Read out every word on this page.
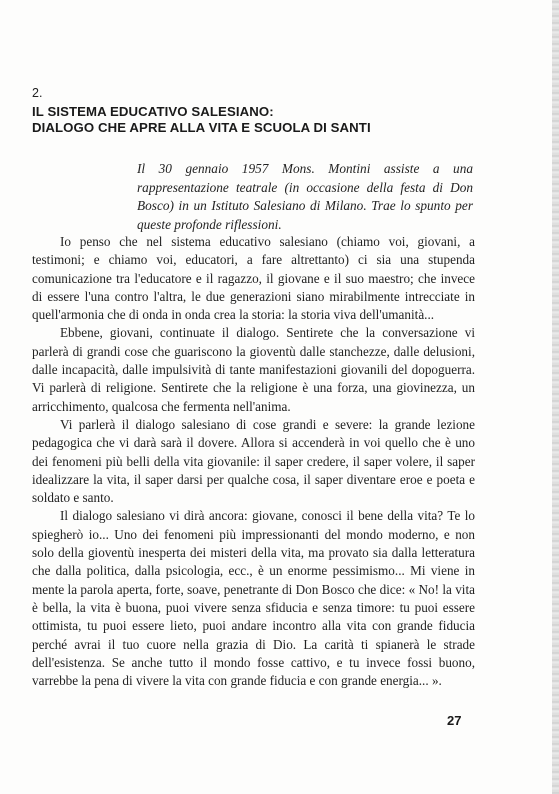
2.

IL SISTEMA EDUCATIVO SALESIANO:
DIALOGO CHE APRE ALLA VITA E SCUOLA DI SANTI

Il 30 gennaio 1957 Mons. Montini assiste a una rappresentazione teatrale (in occasione della festa di Don Bosco) in un Istituto Salesiano di Milano. Trae lo spunto per queste profonde riflessioni.

Io penso che nel sistema educativo salesiano (chiamo voi, giovani, a testimoni; e chiamo voi, educatori, a fare altrettanto) ci sia una stupenda comunicazione tra l'educatore e il ragazzo, il giovane e il suo maestro; che invece di essere l'una contro l'altra, le due generazioni siano mirabilmente intrecciate in quell'armonia che di onda in onda crea la storia: la storia viva dell'umanità...

Ebbene, giovani, continuate il dialogo. Sentirete che la conversazione vi parlerà di grandi cose che guariscono la gioventù dalle stanchezze, dalle delusioni, dalle incapacità, dalle impulsività di tante manifestazioni giovanili del dopoguerra. Vi parlerà di religione. Sentirete che la religione è una forza, una giovinezza, un arricchimento, qualcosa che fermenta nell'anima.

Vi parlerà il dialogo salesiano di cose grandi e severe: la grande lezione pedagogica che vi darà sarà il dovere. Allora si accenderà in voi quello che è uno dei fenomeni più belli della vita giovanile: il saper credere, il saper volere, il saper idealizzare la vita, il saper darsi per qualche cosa, il saper diventare eroe e poeta e soldato e santo.

Il dialogo salesiano vi dirà ancora: giovane, conosci il bene della vita? Te lo spiegherò io... Uno dei fenomeni più impressionanti del mondo moderno, e non solo della gioventù inesperta dei misteri della vita, ma provato sia dalla letteratura che dalla politica, dalla psicologia, ecc., è un enorme pessimismo... Mi viene in mente la parola aperta, forte, soave, penetrante di Don Bosco che dice: « No! la vita è bella, la vita è buona, puoi vivere senza sfiducia e senza timore: tu puoi essere ottimista, tu puoi essere lieto, puoi andare incontro alla vita con grande fiducia perché avrai il tuo cuore nella grazia di Dio. La carità ti spianerà le strade dell'esistenza. Se anche tutto il mondo fosse cattivo, e tu invece fossi buono, varrebbe la pena di vivere la vita con grande fiducia e con grande energia... ».

27
